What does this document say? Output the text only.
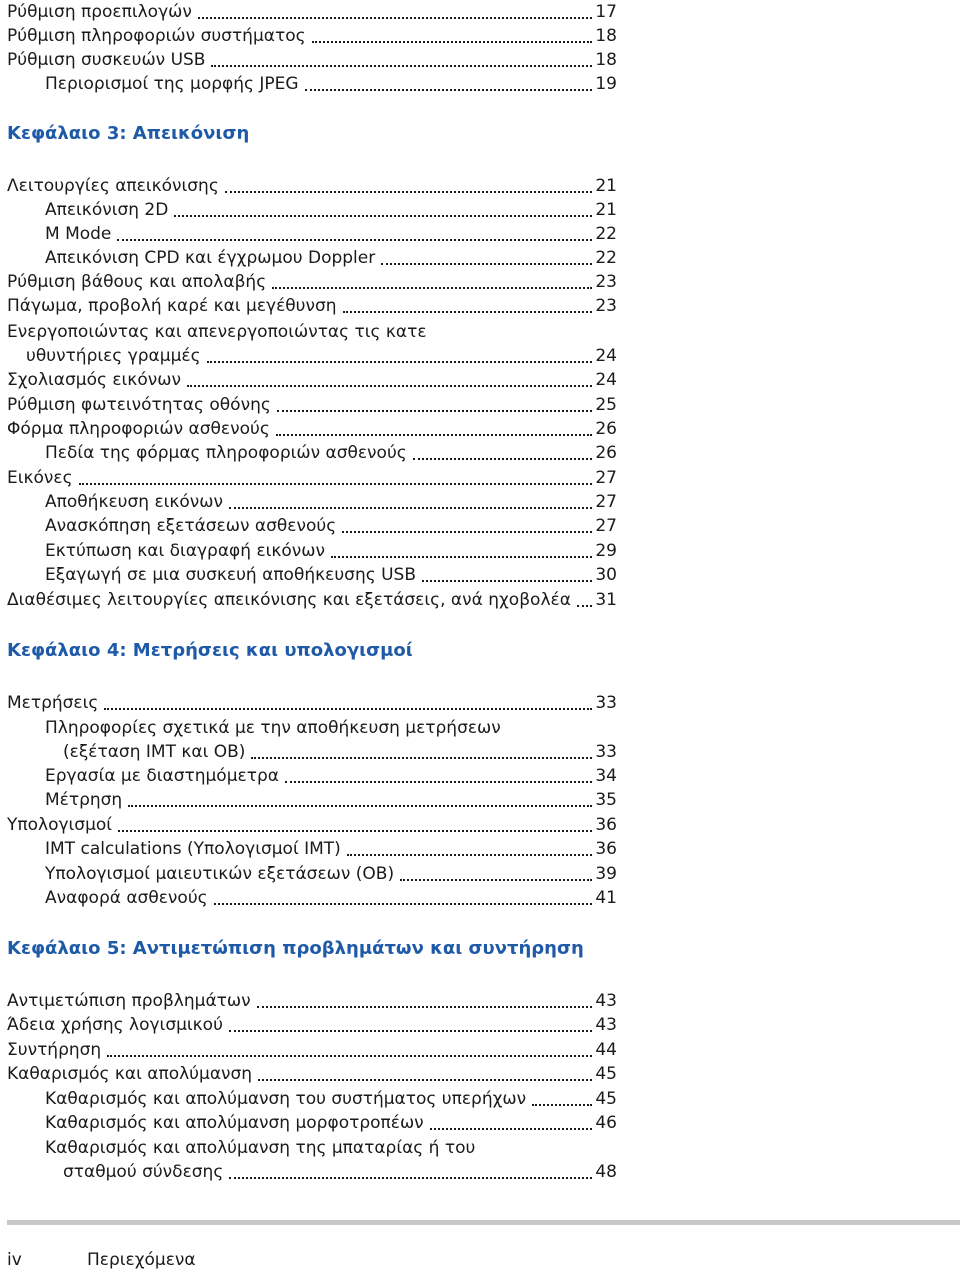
Ρύθμιση προεπιλογών	17
Ρύθμιση πληροφοριών συστήματος	18
Ρύθμιση συσκευών USB	18
Περιορισμοί της μορφής JPEG	19
Κεφάλαιο 3: Απεικόνιση
Λειτουργίες απεικόνισης	21
Απεικόνιση 2D	21
M Mode	22
Απεικόνιση CPD και έγχρωμου Doppler	22
Ρύθμιση βάθους και απολαβής	23
Πάγωμα, προβολή καρέ και μεγέθυνση	23
Ενεργοποιώντας και απενεργοποιώντας τις κατε
υθυντήριες γραμμές	24
Σχολιασμός εικόνων	24
Ρύθμιση φωτεινότητας οθόνης	25
Φόρμα πληροφοριών ασθενούς	26
Πεδία της φόρμας πληροφοριών ασθενούς	26
Εικόνες	27
Αποθήκευση εικόνων	27
Ανασκόπηση εξετάσεων ασθενούς	27
Εκτύπωση και διαγραφή εικόνων	29
Εξαγωγή σε μια συσκευή αποθήκευσης USB	30
Διαθέσιμες λειτουργίες απεικόνισης και εξετάσεις, ανά ηχοβολέα 31
Κεφάλαιο 4: Μετρήσεις και υπολογισμοί
Μετρήσεις	33
Πληροφορίες σχετικά με την αποθήκευση μετρήσεων
(εξέταση IMT και OB)	33
Εργασία με διαστημόμετρα	34
Μέτρηση	35
Υπολογισμοί	36
IMT calculations (Υπολογισμοί IMT)	36
Υπολογισμοί μαιευτικών εξετάσεων (OB)	39
Αναφορά ασθενούς	41
Κεφάλαιο 5: Αντιμετώπιση προβλημάτων και συντήρηση
Αντιμετώπιση προβλημάτων	43
Άδεια χρήσης λογισμικού	43
Συντήρηση	44
Καθαρισμός και απολύμανση	45
Καθαρισμός και απολύμανση του συστήματος υπερήχων	45
Καθαρισμός και απολύμανση μορφοτροπέων	46
Καθαρισμός και απολύμανση της μπαταρίας ή του
σταθμού σύνδεσης	48
iv	Περιεχόμενα
